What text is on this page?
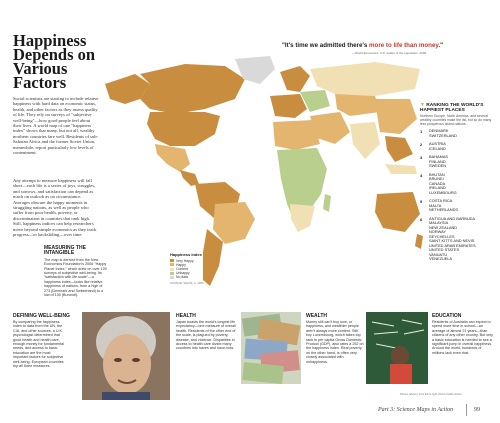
Happiness Depends on Various Factors
Social scientists are starting to include relative happiness with hard data on economic status, health, and other factors as they assess quality of life. They rely on surveys of "subjective well-being"—how good people feel about their lives. A world map of one "happiness index" shows that many, but not all, wealthy northern countries fare well. Residents of sub-Saharan Africa and the former Soviet Union, meanwhile, report particularly low levels of contentment.
Any attempt to measure happiness will fall short—each life is a series of joys, struggles, and sorrows, and satisfaction can depend as much on outlook as on circumstance. Averages obscure the happy moments in struggling nations, as well as people who suffer from poor health, poverty, or discrimination in countries that rank high. Still, happiness indices can help researchers move beyond simple economics as they track progress—or backsliding—over time.
"It's time we admitted there's more to life than money."
—World Economics, U.K. leader of the opposition, 2006
Happiness Index
Very Happy
Happy
Content
Unhappy
No data
SOURCE: WHITE, A. 2006
▼ RANKING THE WORLD'S HAPPIEST PLACES
Northern Europe, North America, and several wealthy countries make the list, but so do many less prosperous island nations.
1	DENMARK
SWITZERLAND
2	AUSTRIA
ICELAND
3	BAHAMAS
FINLAND
SWEDEN
4	BHUTAN
BRUNEI
CANADA
IRELAND
LUXEMBOURG
5	COSTA RICA
MALTA
NETHERLANDS
6	ANTIGUA AND BARBUDA
MALAYSIA
NEW ZEALAND
NORWAY
SEYCHELLES
SAINT KITTS AND NEVIS
UNITED ARAB EMIRATES
UNITED STATES
VANUATU
VENEZUELA
MEASURING THE INTANGIBLE
The map is derived from the New Economics Foundation's 2006 "Happy Planet Index," which drew on over 100 surveys of subjective well-being. Its "satisfaction with life scale"—a happiness index—looks like relative happiness of nations, from a high of 273 (Denmark and Switzerland) to a low of 130 (Burundi).
DEFINING WELL-BEING
By comparing the happiness index to data from the UN, the CIA, and other sources, a U.K. psychologist determined that good health and health care, enough money for fundamental needs, and access to basic education are the most important factors for subjective well-being. European countries top all three measures.
HEALTH
Japan boasts the world's longest life expectancy—one measure of overall health. Residents of the other end of the scale, is plagued by poverty, disease, and violence. Disparities in access to health care divide many countries into haves and have-nots.
WEALTH
Money still can't buy love, or happiness, and wealthier people aren't always more content. Still, tiny Luxembourg, which takes top rank in per capita Gross Domestic Product (GDP), also rates a 252 on the happiness index. Real poverty, on the other hand, is often very closely associated with unhappiness.
EDUCATION
Residents of Australia can expect to spend more time in school—an average of almost 21 years—than citizens of any other country. But only a basic education is needed to see a significant jump in overall happiness. Around the world, hundreds of millions lack even that.
Photos (above): from left to right: Photo credits shown
Part 3: Science Maps in Action	99
